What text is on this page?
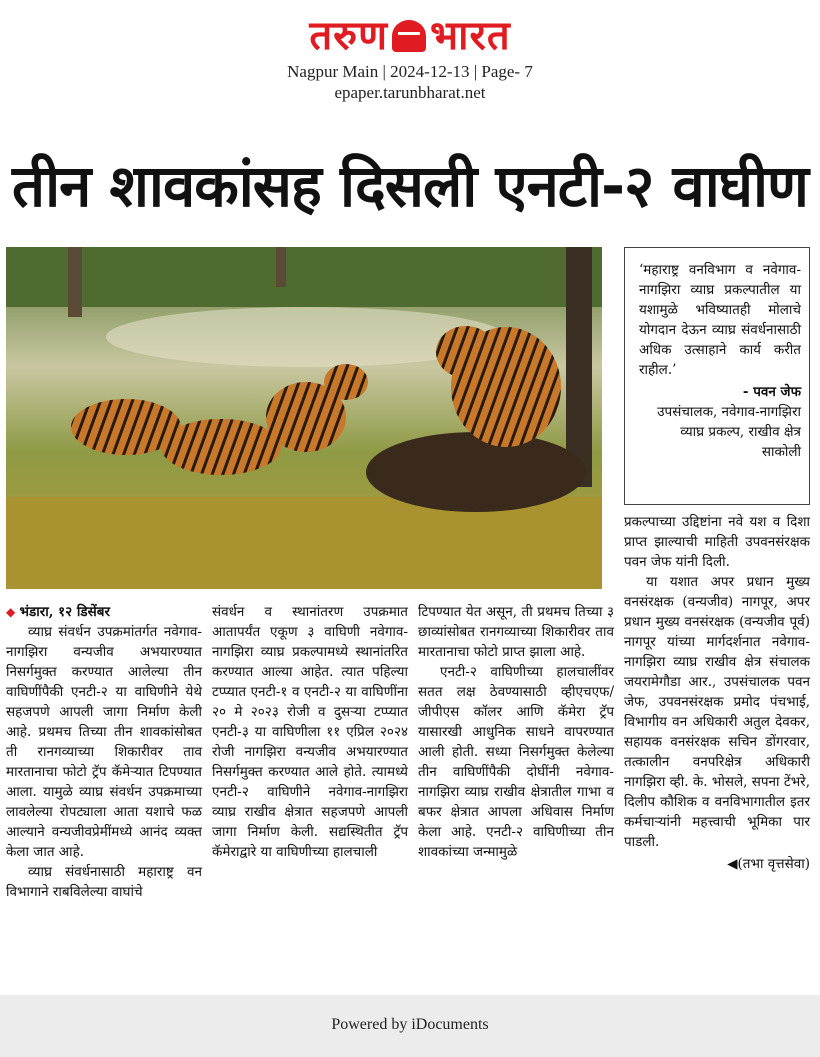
तरुण भारत
Nagpur Main | 2024-12-13 | Page- 7
epaper.tarunbharat.net
तीन शावकांसह दिसली एनटी-२ वाघीण
‘महाराष्ट्र वनविभाग व नवेगाव-नागझिरा व्याघ्र प्रकल्पातील या यशामुळे भविष्यातही मोलाचे योगदान देऊन व्याघ्र संवर्धनासाठी अधिक उत्साहाने कार्य करीत राहील.’
- पवन जेफ
उपसंचालक, नवेगाव-नागझिरा व्याघ्र प्रकल्प, राखीव क्षेत्र साकोली

◆ भंडारा, १२ डिसेंबर

व्याघ्र संवर्धन उपक्रमांतर्गत नवेगाव-नागझिरा वन्यजीव अभयारण्यात निसर्गमुक्त करण्यात आलेल्या तीन वाघिणींपैकी एनटी-२ या वाघिणीने येथे सहजपणे आपली जागा निर्माण केली आहे. प्रथमच तिच्या तीन शावकांसोबत ती रानगव्याच्या शिकारीवर ताव मारतानाचा फोटो ट्रॅप कॅमेऱ्यात टिपण्यात आला. यामुळे व्याघ्र संवर्धन उपक्रमाच्या लावलेल्या रोपट्याला आता यशाचे फळ आल्याने वन्यजीवप्रेमींमध्ये आनंद व्यक्त केला जात आहे.

व्याघ्र संवर्धनासाठी महाराष्ट्र वन विभागाने राबविलेल्या वाघांचे

संवर्धन व स्थानांतरण उपक्रमात आतापर्यंत एकूण ३ वाघिणी नवेगाव-नागझिरा व्याघ्र प्रकल्पामध्ये स्थानांतरित करण्यात आल्या आहेत. त्यात पहिल्या टप्प्यात एनटी-१ व एनटी-२ या वाघिणींना २० मे २०२३ रोजी व दुसऱ्या टप्प्यात एनटी-३ या वाघिणीला ११ एप्रिल २०२४ रोजी नागझिरा वन्यजीव अभयारण्यात निसर्गमुक्त करण्यात आले होते. त्यामध्ये एनटी-२ वाघिणीने नवेगाव-नागझिरा व्याघ्र राखीव क्षेत्रात सहजपणे आपली जागा निर्माण केली. सद्यस्थितीत ट्रॅप कॅमेराद्वारे या वाघिणीच्या हालचाली

टिपण्यात येत असून, ती प्रथमच तिच्या ३ छाव्यांसोबत रानगव्याच्या शिकारीवर ताव मारतानाचा फोटो प्राप्त झाला आहे.

एनटी-२ वाघिणीच्या हालचालींवर सतत लक्ष ठेवण्यासाठी व्हीएचएफ/जीपीएस कॉलर आणि कॅमेरा ट्रॅप यासारखी आधुनिक साधने वापरण्यात आली होती. सध्या निसर्गमुक्त केलेल्या तीन वाघिणींपैकी दोघींनी नवेगाव-नागझिरा व्याघ्र राखीव क्षेत्रातील गाभा व बफर क्षेत्रात आपला अधिवास निर्माण केला आहे. एनटी-२ वाघिणीच्या तीन शावकांच्या जन्मामुळे

प्रकल्पाच्या उद्दिष्टांना नवे यश व दिशा प्राप्त झाल्याची माहिती उपवनसंरक्षक पवन जेफ यांनी दिली.

या यशात अपर प्रधान मुख्य वनसंरक्षक (वन्यजीव) नागपूर, अपर प्रधान मुख्य वनसंरक्षक (वन्यजीव पूर्व) नागपूर यांच्या मार्गदर्शनात नवेगाव-नागझिरा व्याघ्र राखीव क्षेत्र संचालक जयरामेगौडा आर., उपसंचालक पवन जेफ, उपवनसंरक्षक प्रमोद पंचभाई, विभागीय वन अधिकारी अतुल देवकर, सहायक वनसंरक्षक सचिन डोंगरवार, तत्कालीन वनपरिक्षेत्र अधिकारी नागझिरा व्ही. के. भोसले, सपना टेंभरे, दिलीप कौशिक व वनविभागातील इतर कर्मचाऱ्यांनी महत्त्वाची भूमिका पार पाडली.

◀(तभा वृत्तसेवा)
Powered by iDocuments
